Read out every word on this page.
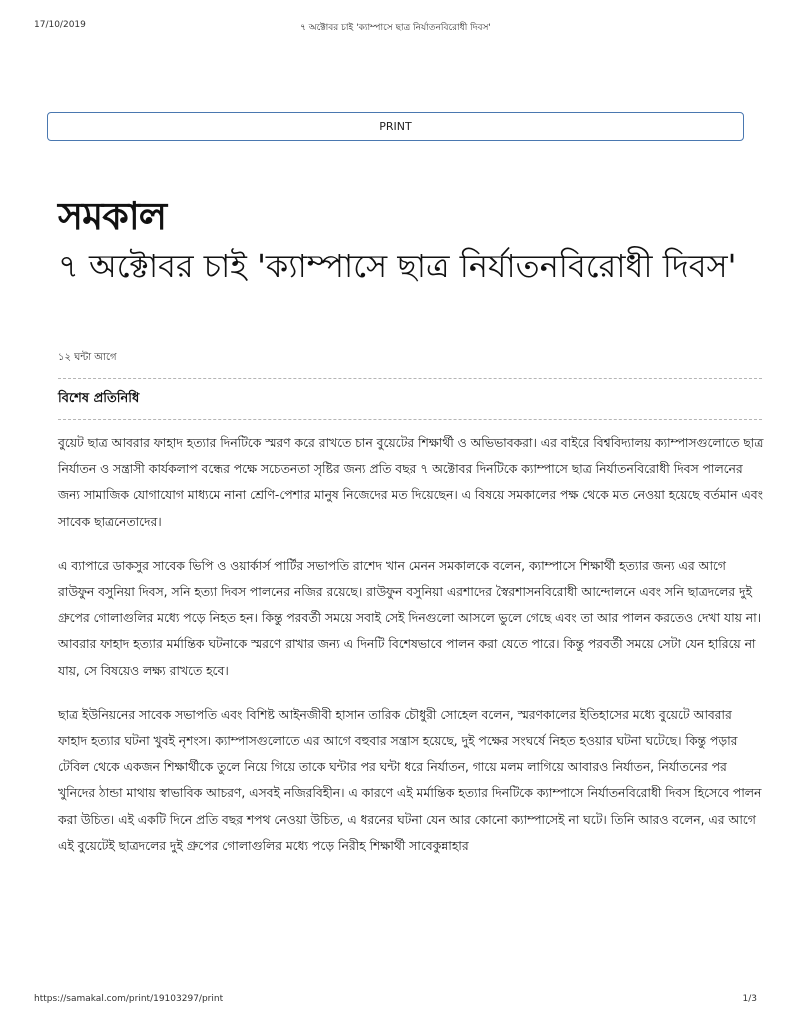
17/10/2019	৭ অক্টোবর চাই 'ক্যাম্পাসে ছাত্র নির্যাতনবিরোধী দিবস'
PRINT
সমকাল
৭ অক্টোবর চাই 'ক্যাম্পাসে ছাত্র নির্যাতনবিরোধী দিবস'
১২ ঘন্টা আগে
বিশেষ প্রতিনিধি

বুয়েট ছাত্র আবরার ফাহাদ হত্যার দিনটিকে স্মরণ করে রাখতে চান বুয়েটের শিক্ষার্থী ও অভিভাবকরা। এর বাইরে বিশ্ববিদ্যালয় ক্যাম্পাসগুলোতে ছাত্র নির্যাতন ও সন্ত্রাসী কার্যকলাপ বন্ধের পক্ষে সচেতনতা সৃষ্টির জন্য প্রতি বছর ৭ অক্টোবর দিনটিকে ক্যাম্পাসে ছাত্র নির্যাতনবিরোধী দিবস পালনের জন্য সামাজিক যোগাযোগ মাধ্যমে নানা শ্রেণি-পেশার মানুষ নিজেদের মত দিয়েছেন। এ বিষয়ে সমকালের পক্ষ থেকে মত নেওয়া হয়েছে বর্তমান এবং সাবেক ছাত্রনেতাদের।

এ ব্যাপারে ডাকসুর সাবেক ভিপি ও ওয়ার্কার্স পার্টির সভাপতি রাশেদ খান মেনন সমকালকে বলেন, ক্যাম্পাসে শিক্ষার্থী হত্যার জন্য এর আগে রাউফুন বসুনিয়া দিবস, সনি হত্যা দিবস পালনের নজির রয়েছে। রাউফুন বসুনিয়া এরশাদের স্বৈরশাসনবিরোধী আন্দোলনে এবং সনি ছাত্রদলের দুই গ্রুপের গোলাগুলির মধ্যে পড়ে নিহত হন। কিন্তু পরবর্তী সময়ে সবাই সেই দিনগুলো আসলে ভুলে গেছে এবং তা আর পালন করতেও দেখা যায় না। আবরার ফাহাদ হত্যার মর্মান্তিক ঘটনাকে স্মরণে রাখার জন্য এ দিনটি বিশেষভাবে পালন করা যেতে পারে। কিন্তু পরবর্তী সময়ে সেটা যেন হারিয়ে না যায়, সে বিষয়েও লক্ষ্য রাখতে হবে।

ছাত্র ইউনিয়নের সাবেক সভাপতি এবং বিশিষ্ট আইনজীবী হাসান তারিক চৌধুরী সোহেল বলেন, স্মরণকালের ইতিহাসের মধ্যে বুয়েটে আবরার ফাহাদ হত্যার ঘটনা খুবই নৃশংস। ক্যাম্পাসগুলোতে এর আগে বহুবার সন্ত্রাস হয়েছে, দুই পক্ষের সংঘর্ষে নিহত হওয়ার ঘটনা ঘটেছে। কিন্তু পড়ার টেবিল থেকে একজন শিক্ষার্থীকে তুলে নিয়ে গিয়ে তাকে ঘন্টার পর ঘন্টা ধরে নির্যাতন, গায়ে মলম লাগিয়ে আবারও নির্যাতন, নির্যাতনের পর খুনিদের ঠান্ডা মাথায় স্বাভাবিক আচরণ, এসবই নজিরবিহীন। এ কারণে এই মর্মান্তিক হত্যার দিনটিকে ক্যাম্পাসে নির্যাতনবিরোধী দিবস হিসেবে পালন করা উচিত। এই একটি দিনে প্রতি বছর শপথ নেওয়া উচিত, এ ধরনের ঘটনা যেন আর কোনো ক্যাম্পাসেই না ঘটে। তিনি আরও বলেন, এর আগে এই বুয়েটেই ছাত্রদলের দুই গ্রুপের গোলাগুলির মধ্যে পড়ে নিরীহ শিক্ষার্থী সাবেকুন্নাহার

https://samakal.com/print/19103297/print	1/3
